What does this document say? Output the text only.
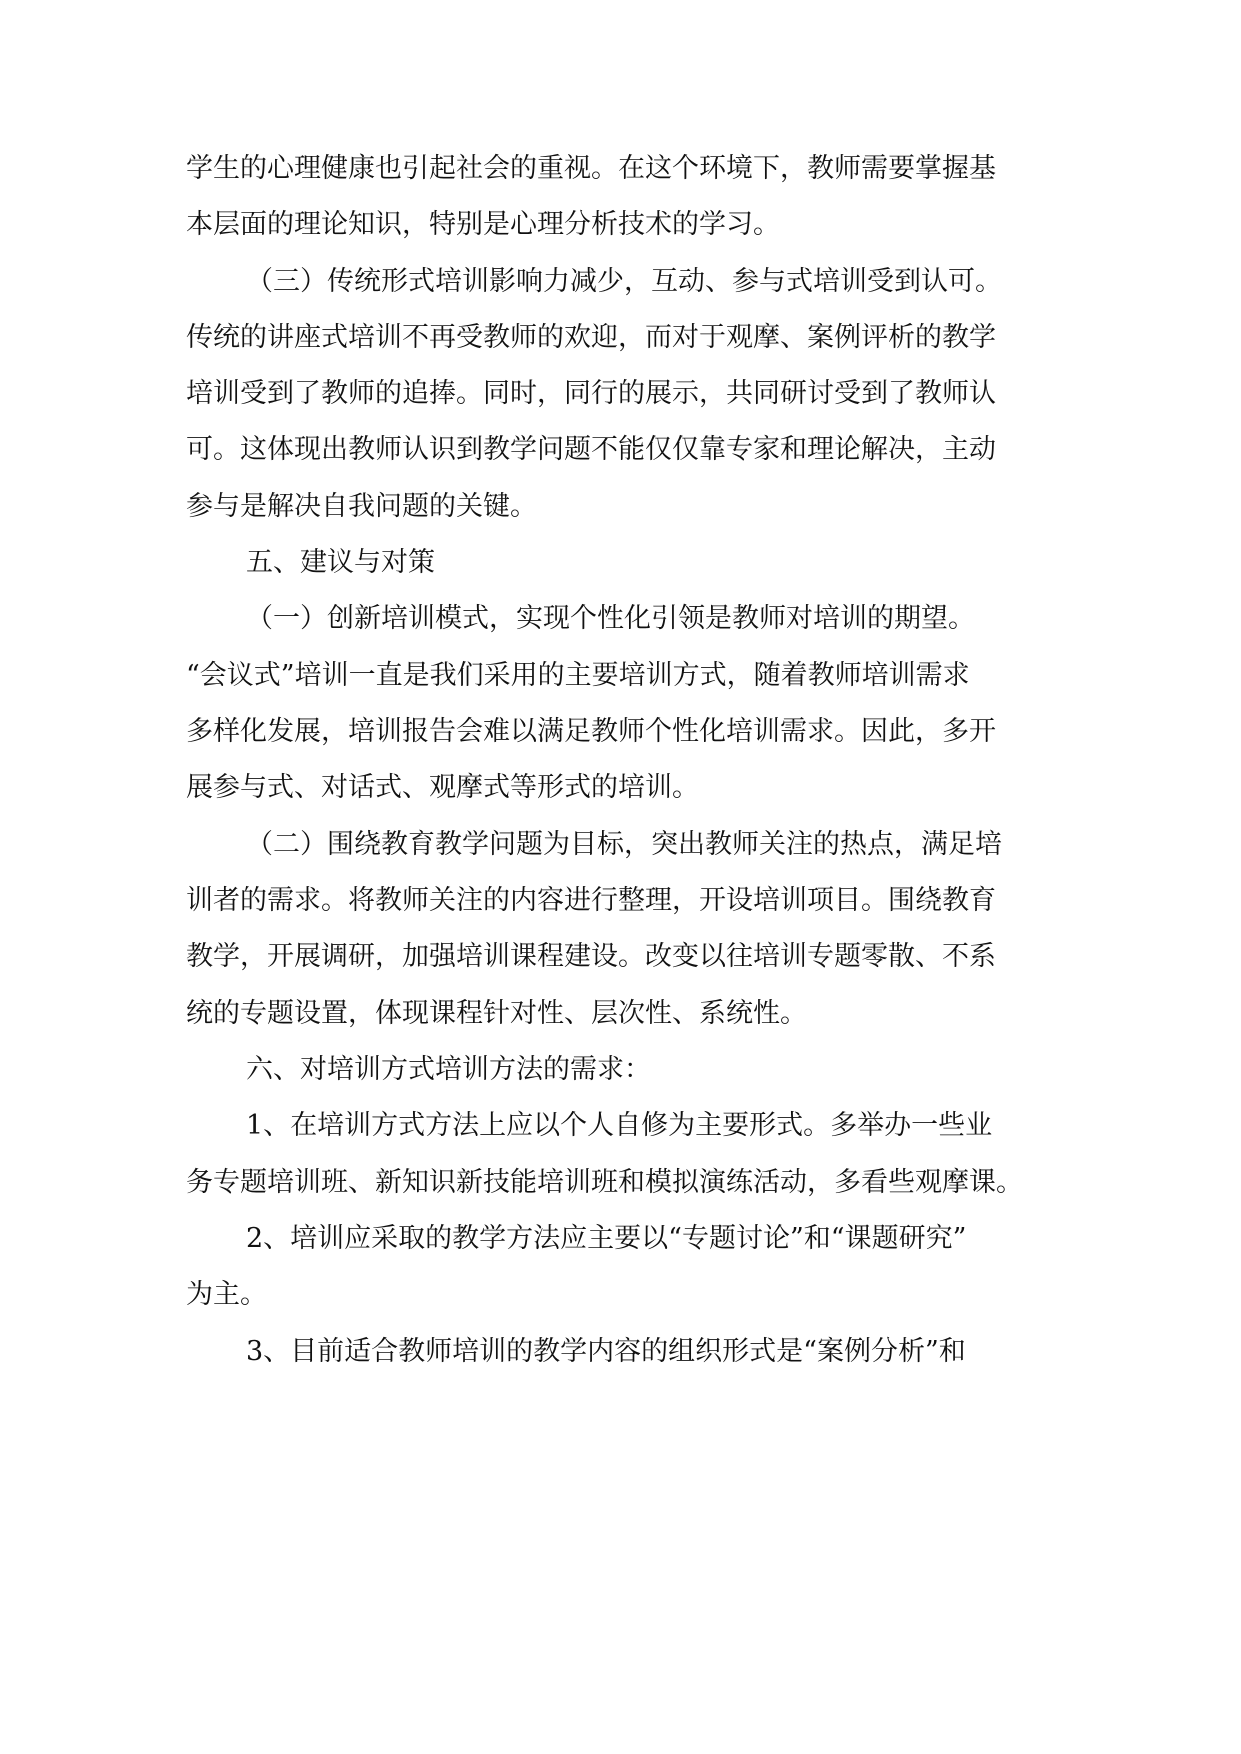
学生的心理健康也引起社会的重视。在这个环境下，教师需要掌握基
本层面的理论知识，特别是心理分析技术的学习。
（三）传统形式培训影响力减少，互动、参与式培训受到认可。
传统的讲座式培训不再受教师的欢迎，而对于观摩、案例评析的教学
培训受到了教师的追捧。同时，同行的展示，共同研讨受到了教师认
可。这体现出教师认识到教学问题不能仅仅靠专家和理论解决，主动
参与是解决自我问题的关键。
五、建议与对策
（一）创新培训模式，实现个性化引领是教师对培训的期望。
“会议式”培训一直是我们采用的主要培训方式，随着教师培训需求
多样化发展，培训报告会难以满足教师个性化培训需求。因此，多开
展参与式、对话式、观摩式等形式的培训。
（二）围绕教育教学问题为目标，突出教师关注的热点，满足培
训者的需求。将教师关注的内容进行整理，开设培训项目。围绕教育
教学，开展调研，加强培训课程建设。改变以往培训专题零散、不系
统的专题设置，体现课程针对性、层次性、系统性。
六、对培训方式培训方法的需求：
1、在培训方式方法上应以个人自修为主要形式。多举办一些业
务专题培训班、新知识新技能培训班和模拟演练活动，多看些观摩课。
2、培训应采取的教学方法应主要以“专题讨论”和“课题研究”
为主。
3、目前适合教师培训的教学内容的组织形式是“案例分析”和
